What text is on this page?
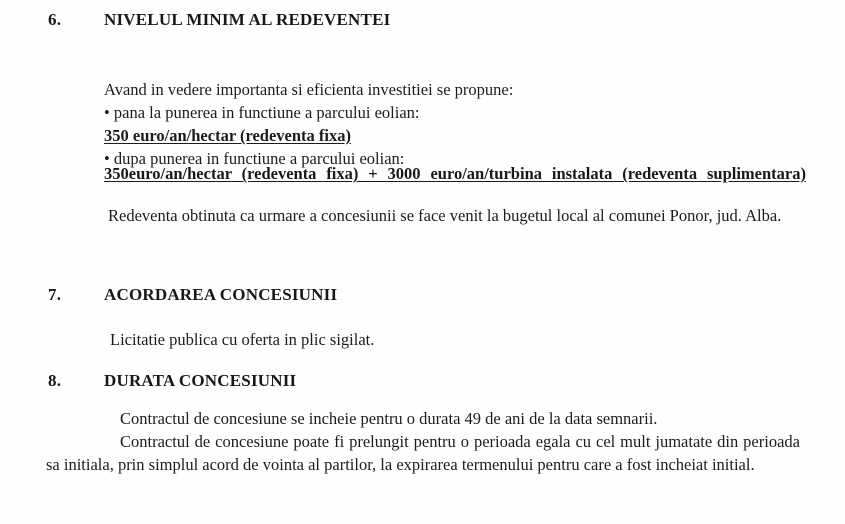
6.	NIVELUL MINIM AL REDEVENTEI
Avand in vedere importanta si eficienta investitiei se propune:
• pana la punerea in functiune a parcului eolian:
350 euro/an/hectar (redeventa fixa)
• dupa punerea in functiune a parcului eolian:
350euro/an/hectar (redeventa fixa) + 3000 euro/an/turbina instalata (redeventa suplimentara)
Redeventa obtinuta ca urmare a concesiunii se face venit la bugetul local al comunei Ponor, jud. Alba.
7.	ACORDAREA CONCESIUNII
Licitatie publica cu oferta in plic sigilat.
8.	DURATA CONCESIUNII
Contractul de concesiune se incheie pentru o durata 49 de ani de la data semnarii.
Contractul de concesiune poate fi prelungit pentru o perioada egala cu cel mult jumatate din perioada sa initiala, prin simplul acord de vointa al partilor, la expirarea termenului pentru care a fost incheiat initial.
